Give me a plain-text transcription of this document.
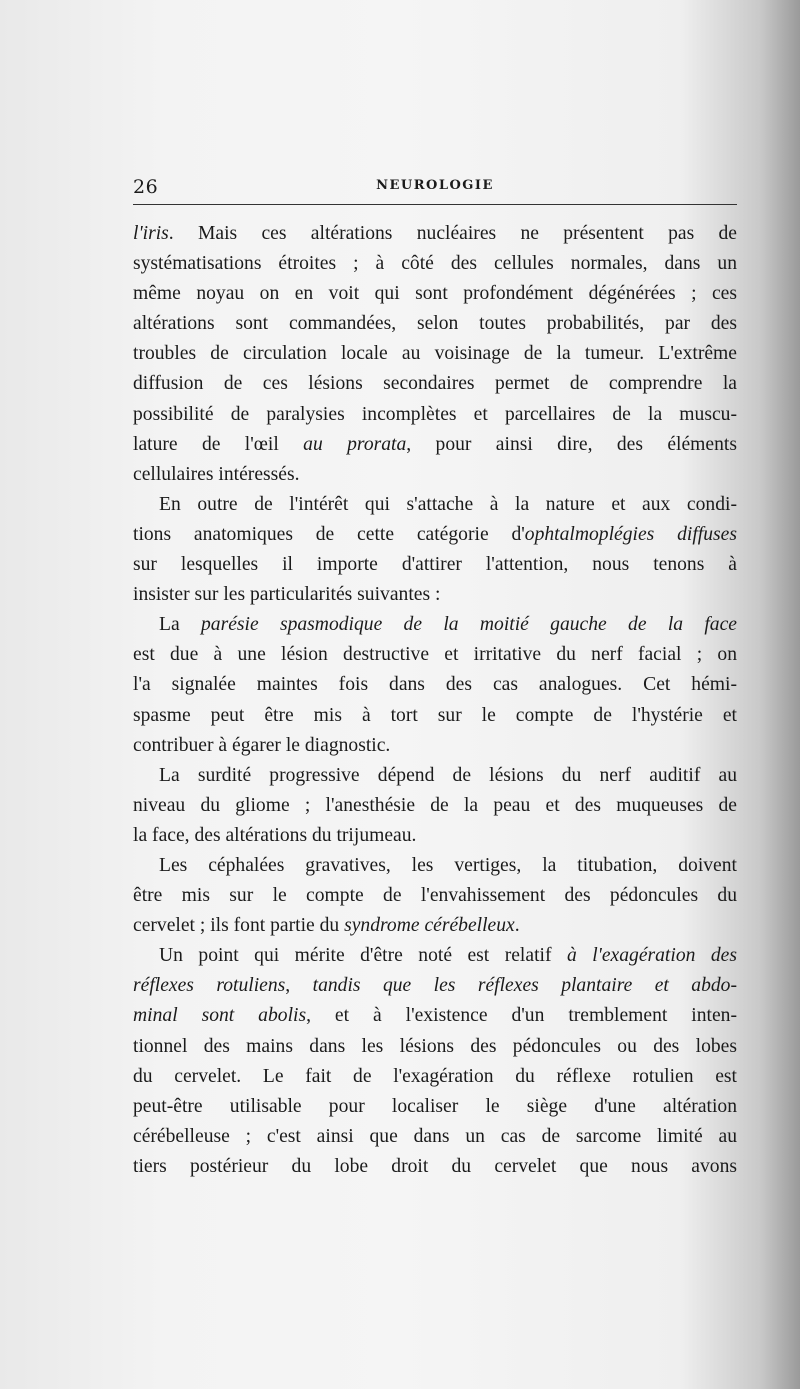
26	NEUROLOGIE
l'iris. Mais ces altérations nucléaires ne présentent pas de
systématisations étroites ; à côté des cellules normales, dans un
même noyau on en voit qui sont profondément dégénérées ; ces
altérations sont commandées, selon toutes probabilités, par des
troubles de circulation locale au voisinage de la tumeur. L'extrême
diffusion de ces lésions secondaires permet de comprendre la
possibilité de paralysies incomplètes et parcellaires de la muscu-
lature de l'œil au prorata, pour ainsi dire, des éléments
cellulaires intéressés.
En outre de l'intérêt qui s'attache à la nature et aux condi-
tions anatomiques de cette catégorie d'ophtalmoplégies diffuses
sur lesquelles il importe d'attirer l'attention, nous tenons à
insister sur les particularités suivantes :
La parésie spasmodique de la moitié gauche de la face
est due à une lésion destructive et irritative du nerf facial ; on
l'a signalée maintes fois dans des cas analogues. Cet hémi-
spasme peut être mis à tort sur le compte de l'hystérie et
contribuer à égarer le diagnostic.
La surdité progressive dépend de lésions du nerf auditif au
niveau du gliome ; l'anesthésie de la peau et des muqueuses de
la face, des altérations du trijumeau.
Les céphalées gravatives, les vertiges, la titubation, doivent
être mis sur le compte de l'envahissement des pédoncules du
cervelet ; ils font partie du syndrome cérébelleux.
Un point qui mérite d'être noté est relatif à l'exagération des
réflexes rotuliens, tandis que les réflexes plantaire et abdo-
minal sont abolis, et à l'existence d'un tremblement inten-
tionnel des mains dans les lésions des pédoncules ou des lobes
du cervelet. Le fait de l'exagération du réflexe rotulien est
peut-être utilisable pour localiser le siège d'une altération
cérébelleuse ; c'est ainsi que dans un cas de sarcome limité au
tiers postérieur du lobe droit du cervelet que nous avons
